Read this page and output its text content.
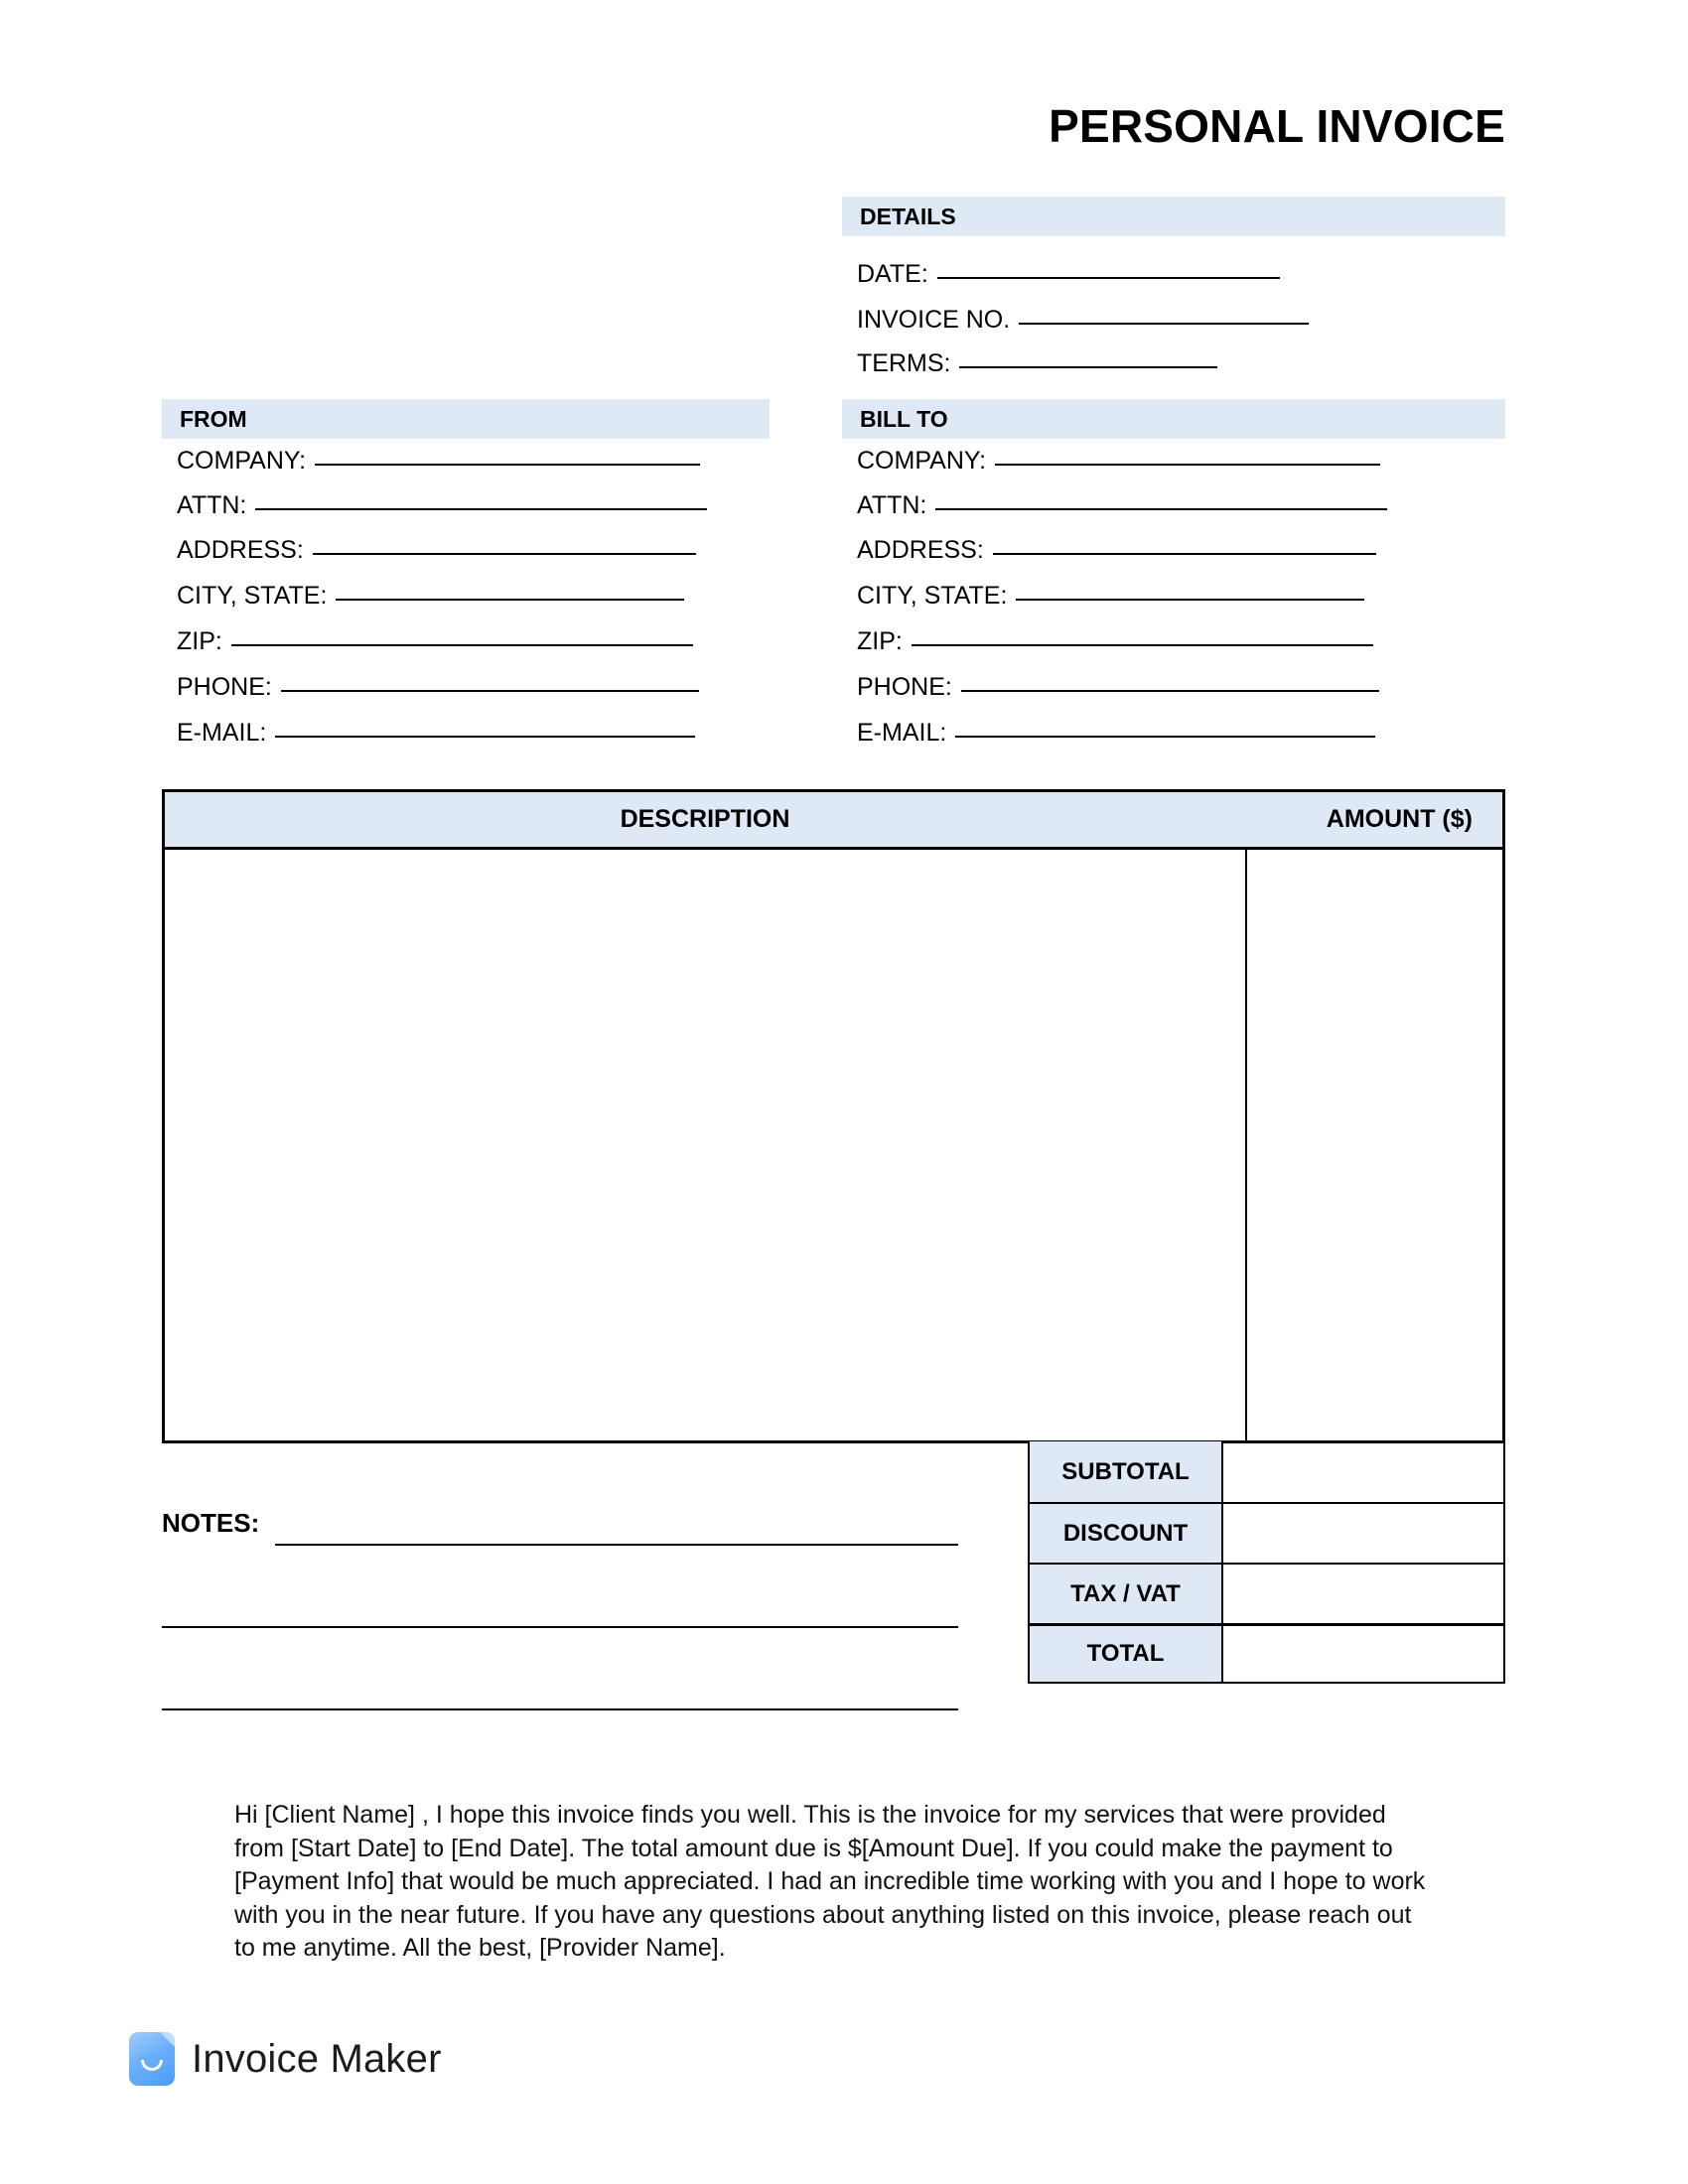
PERSONAL INVOICE
DETAILS
DATE:
INVOICE NO.
TERMS:
FROM	BILL TO
COMPANY:
ATTN:
ADDRESS:
CITY, STATE:
ZIP:
PHONE:
E-MAIL:
COMPANY:
ATTN:
ADDRESS:
CITY, STATE:
ZIP:
PHONE:
E-MAIL:
DESCRIPTION	AMOUNT ($)
SUBTOTAL
DISCOUNT
TAX / VAT
TOTAL
NOTES:
Hi [Client Name] , I hope this invoice finds you well. This is the invoice for my services that were provided from [Start Date] to [End Date]. The total amount due is $[Amount Due]. If you could make the payment to [Payment Info] that would be much appreciated. I had an incredible time working with you and I hope to work with you in the near future. If you have any questions about anything listed on this invoice, please reach out to me anytime. All the best, [Provider Name].
Invoice Maker
